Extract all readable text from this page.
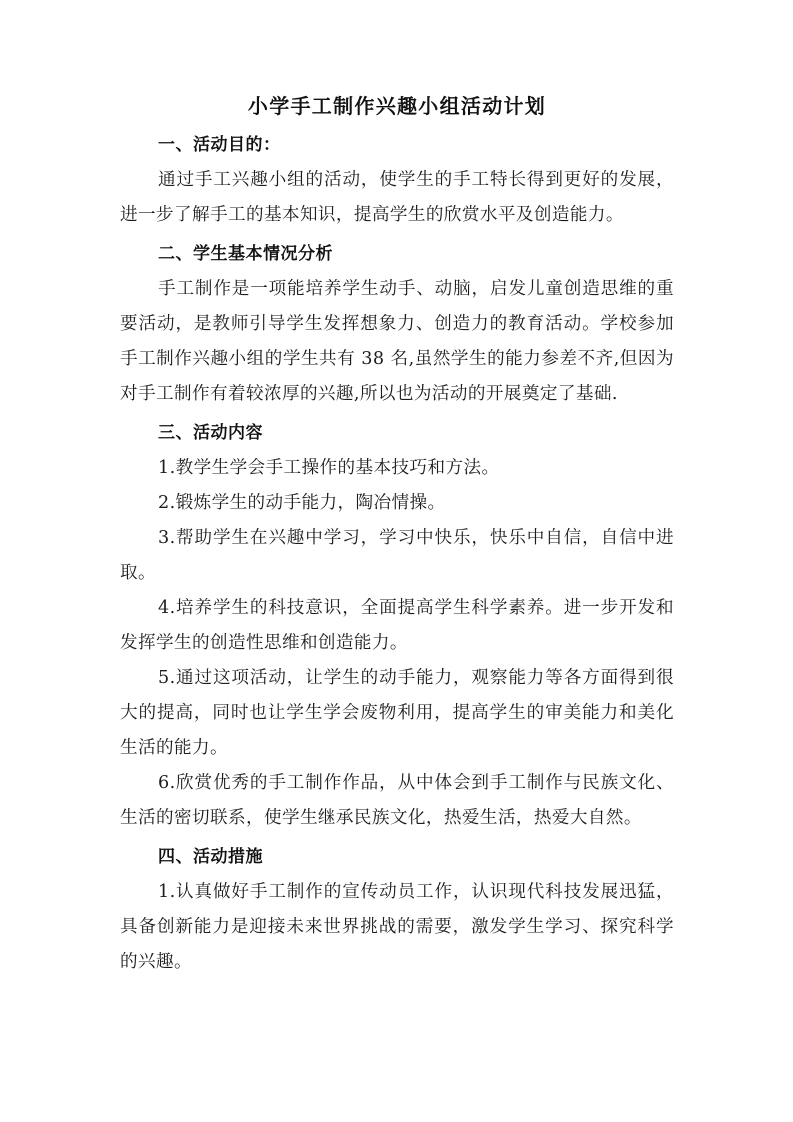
小学手工制作兴趣小组活动计划
一、活动目的：

通过手工兴趣小组的活动，使学生的手工特长得到更好的发展，进一步了解手工的基本知识，提高学生的欣赏水平及创造能力。

二、学生基本情况分析

手工制作是一项能培养学生动手、动脑，启发儿童创造思维的重要活动，是教师引导学生发挥想象力、创造力的教育活动。学校参加手工制作兴趣小组的学生共有 38 名,虽然学生的能力参差不齐,但因为对手工制作有着较浓厚的兴趣,所以也为活动的开展奠定了基础.

三、活动内容

1.教学生学会手工操作的基本技巧和方法。

2.锻炼学生的动手能力，陶冶情操。

3.帮助学生在兴趣中学习，学习中快乐，快乐中自信，自信中进取。

4.培养学生的科技意识，全面提高学生科学素养。进一步开发和发挥学生的创造性思维和创造能力。

5.通过这项活动，让学生的动手能力，观察能力等各方面得到很大的提高，同时也让学生学会废物利用，提高学生的审美能力和美化生活的能力。

6.欣赏优秀的手工制作作品，从中体会到手工制作与民族文化、生活的密切联系，使学生继承民族文化，热爱生活，热爱大自然。

四、活动措施

1.认真做好手工制作的宣传动员工作，认识现代科技发展迅猛，具备创新能力是迎接未来世界挑战的需要，激发学生学习、探究科学的兴趣。
